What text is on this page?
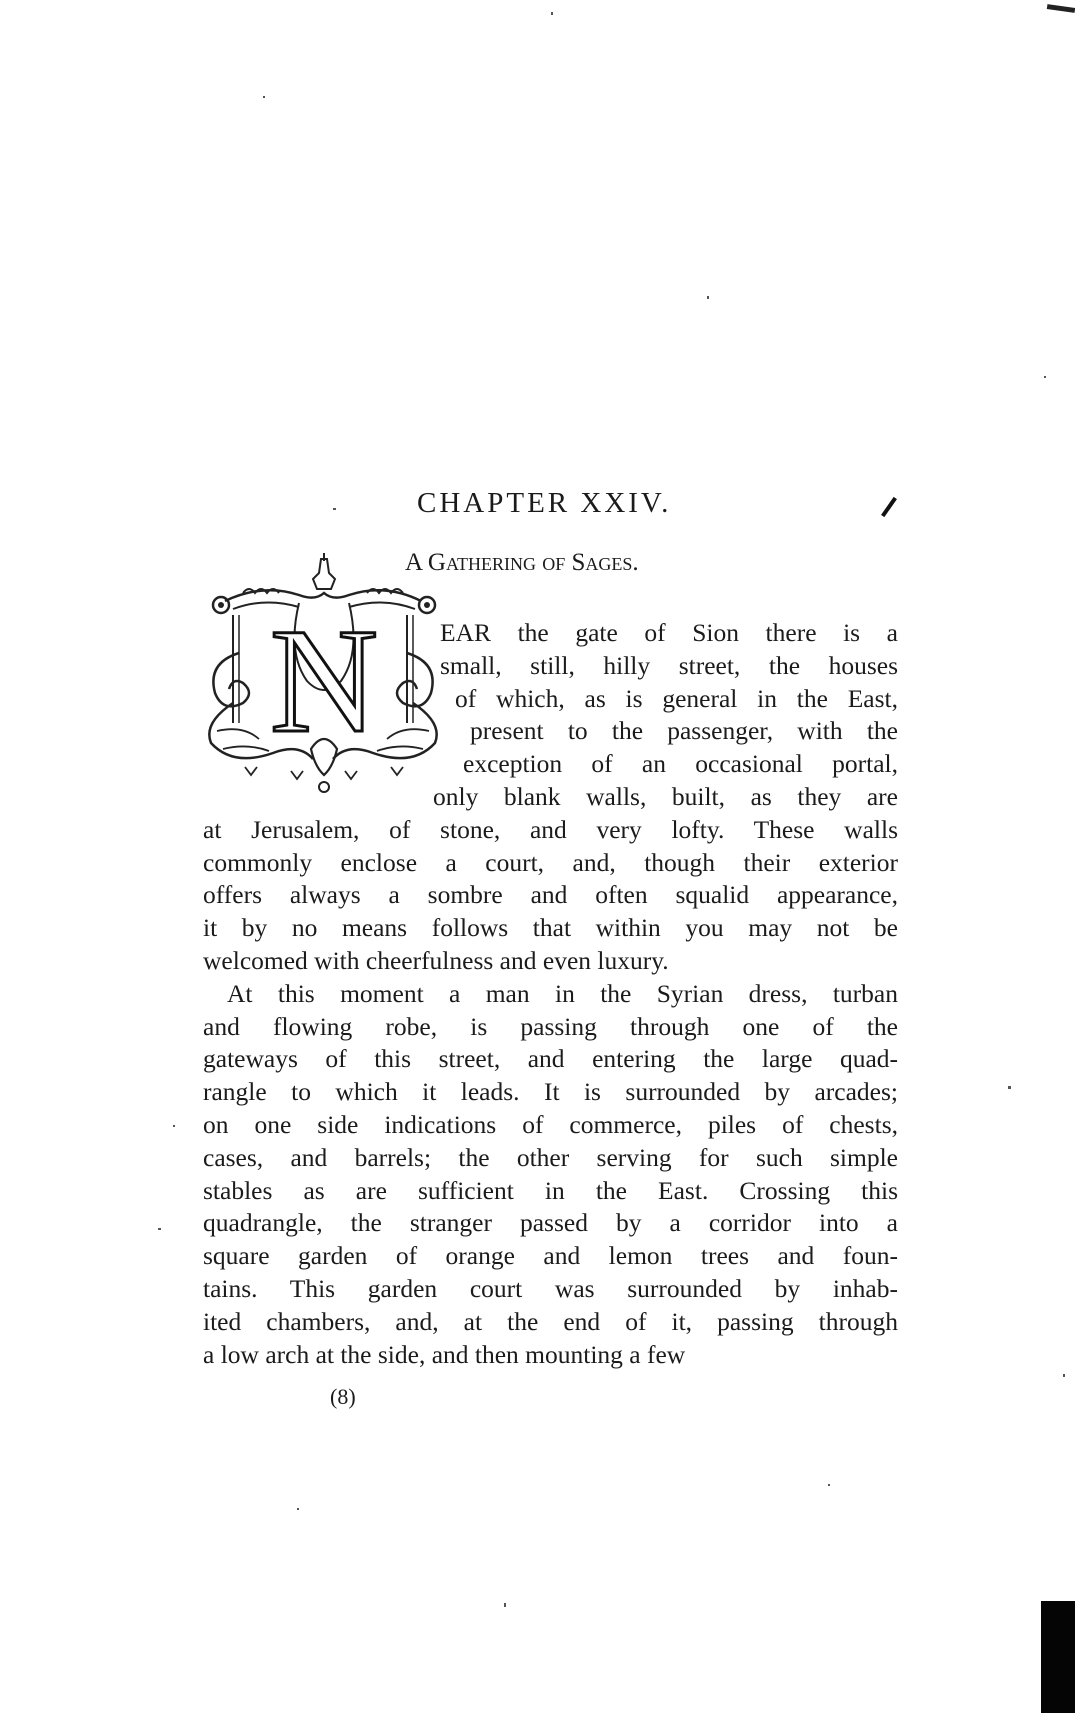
CHAPTER XXIV.
A Gathering of Sages.
N EAR the gate of Sion there is a
small, still, hilly street, the houses
of which, as is general in the East,
present to the passenger, with the
exception of an occasional portal,
only blank walls, built, as they are
at Jerusalem, of stone, and very lofty. These walls
commonly enclose a court, and, though their exterior
offers always a sombre and often squalid appearance,
it by no means follows that within you may not be
welcomed with cheerfulness and even luxury.
At this moment a man in the Syrian dress, turban
and flowing robe, is passing through one of the
gateways of this street, and entering the large quad-
rangle to which it leads. It is surrounded by arcades;
on one side indications of commerce, piles of chests,
cases, and barrels; the other serving for such simple
stables as are sufficient in the East. Crossing this
quadrangle, the stranger passed by a corridor into a
square garden of orange and lemon trees and foun-
tains. This garden court was surrounded by inhab-
ited chambers, and, at the end of it, passing through
a low arch at the side, and then mounting a few
(8)
